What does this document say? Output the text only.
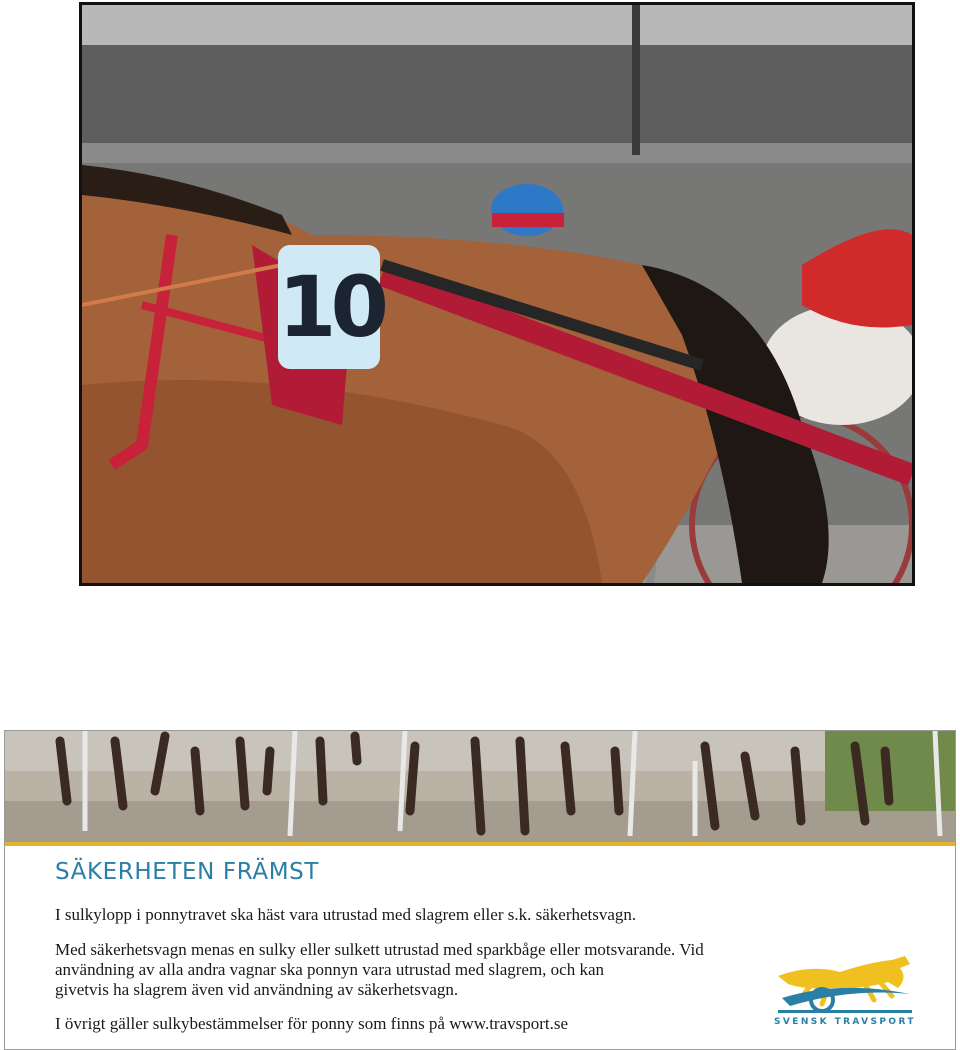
10
SÄKERHETEN FRÄMST
I sulkylopp i ponnytravet ska häst vara utrustad med slagrem eller s.k. säkerhetsvagn.
Med säkerhetsvagn menas en sulky eller sulkett utrustad med sparkbåge eller motsvarande. Vid
användning av alla andra vagnar ska ponnyn vara utrustad med slagrem, och kan
givetvis ha slagrem även vid användning av säkerhetsvagn.
I övrigt gäller sulkybestämmelser för ponny som finns på www.travsport.se	SVENSK TRAVSPORT
